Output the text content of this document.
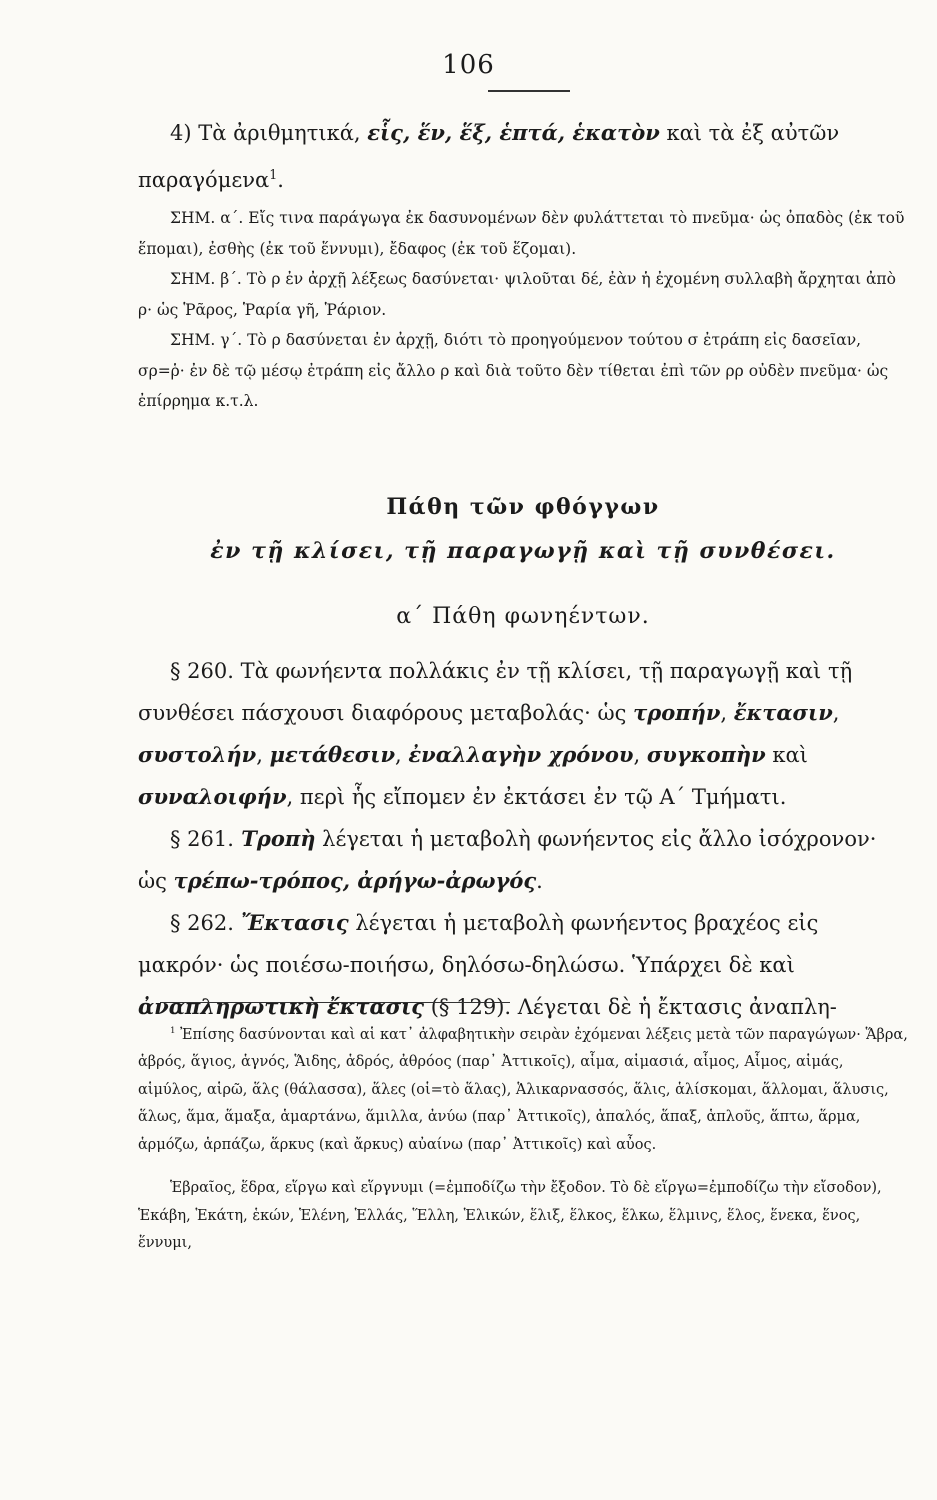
106

4) Τὰ ἀριθμητικά, εἷς, ἕν, ἕξ, ἑπτά, ἑκατὸν καὶ τὰ ἐξ αὐτῶν παραγόμενα$^1$.

ΣΗΜ. α΄. Εἴς τινα παράγωγα ἐκ δασυνομένων δὲν φυλάττεται τὸ πνεῦμα· ὡς ὀπαδὸς (ἐκ τοῦ ἕπομαι), ἐσθὴς (ἐκ τοῦ ἕννυμι), ἔδαφος (ἐκ τοῦ ἕζομαι).

ΣΗΜ. β΄. Τὸ ρ ἐν ἀρχῇ λέξεως δασύνεται· ψιλοῦται δέ, ἐὰν ἡ ἐχομένη συλλαβὴ ἄρχηται ἀπὸ ρ· ὡς Ῥᾶρος, Ῥαρία γῆ, Ῥάριον.

ΣΗΜ. γ΄. Τὸ ρ δασύνεται ἐν ἀρχῇ, διότι τὸ προηγούμενον τούτου σ ἐτράπη εἰς δασεῖαν, σρ=ῥ· ἐν δὲ τῷ μέσῳ ἐτράπη εἰς ἄλλο ρ καὶ διὰ τοῦτο δὲν τίθεται ἐπὶ τῶν ρρ οὐδὲν πνεῦμα· ὡς ἐπίρρημα κ.τ.λ.

Πάθη τῶν φθόγγων

ἐν τῇ κλίσει, τῇ παραγωγῇ καὶ τῇ συνθέσει.

α΄ Πάθη φωνηέντων.

§ 260. Τὰ φωνήεντα πολλάκις ἐν τῇ κλίσει, τῇ παραγωγῇ καὶ τῇ συνθέσει πάσχουσι διαφόρους μεταβολάς· ὡς τροπήν, ἔκτασιν, συστολήν, μετάθεσιν, ἐναλλαγὴν χρόνου, συγκοπὴν καὶ συναλοιφήν, περὶ ἧς εἴπομεν ἐν ἐκτάσει ἐν τῷ Α΄ Τμήματι.

§ 261. Τροπὴ λέγεται ἡ μεταβολὴ φωνήεντος εἰς ἄλλο ἰσόχρονον· ὡς τρέπω-τρόπος, ἀρήγω-ἀρωγός.

§ 262. Ἔκτασις λέγεται ἡ μεταβολὴ φωνήεντος βραχέος εἰς μακρόν· ὡς ποιέσω-ποιήσω, δηλόσω-δηλώσω. Ὑπάρχει δὲ καὶ ἀναπληρωτικὴ ἔκτασις (§ 129). Λέγεται δὲ ἡ ἔκτασις ἀναπλη-

$^1$ Ἐπίσης δασύνονται καὶ αἱ κατ᾽ ἀλφαβητικὴν σειρὰν ἐχόμεναι λέξεις μετὰ τῶν παραγώγων· Ἅβρα, ἁβρός, ἅγιος, ἁγνός, Ἅιδης, ἁδρός, ἀθρόος (παρ᾽ Ἀττικοῖς), αἷμα, αἱμασιά, αἷμος, Αἷμος, αἱμάς, αἱμύλος, αἱρῶ, ἅλς (θάλασσα), ἅλες (οἱ=τὸ ἅλας), Ἁλικαρνασσός, ἅλις, ἁλίσκομαι, ἅλλομαι, ἅλυσις, ἅλως, ἅμα, ἅμαξα, ἁμαρτάνω, ἅμιλλα, ἀνύω (παρ᾽ Ἀττικοῖς), ἁπαλός, ἅπαξ, ἁπλοῦς, ἅπτω, ἅρμα, ἁρμόζω, ἁρπάζω, ἅρκυς (καὶ ἄρκυς) αὐαίνω (παρ᾽ Ἀττικοῖς) καὶ αὖος.

Ἑβραῖος, ἕδρα, εἵργω καὶ εἵργνυμι (=ἐμποδίζω τὴν ἔξοδον. Τὸ δὲ εἵργω=ἐμποδίζω τὴν εἴσοδον), Ἑκάβη, Ἑκάτη, ἑκών, Ἑλένη, Ἑλλάς, Ἕλλη, Ἑλικών, ἕλιξ, ἕλκος, ἕλκω, ἕλμινς, ἕλος, ἕνεκα, ἕνος, ἕννυμι,
